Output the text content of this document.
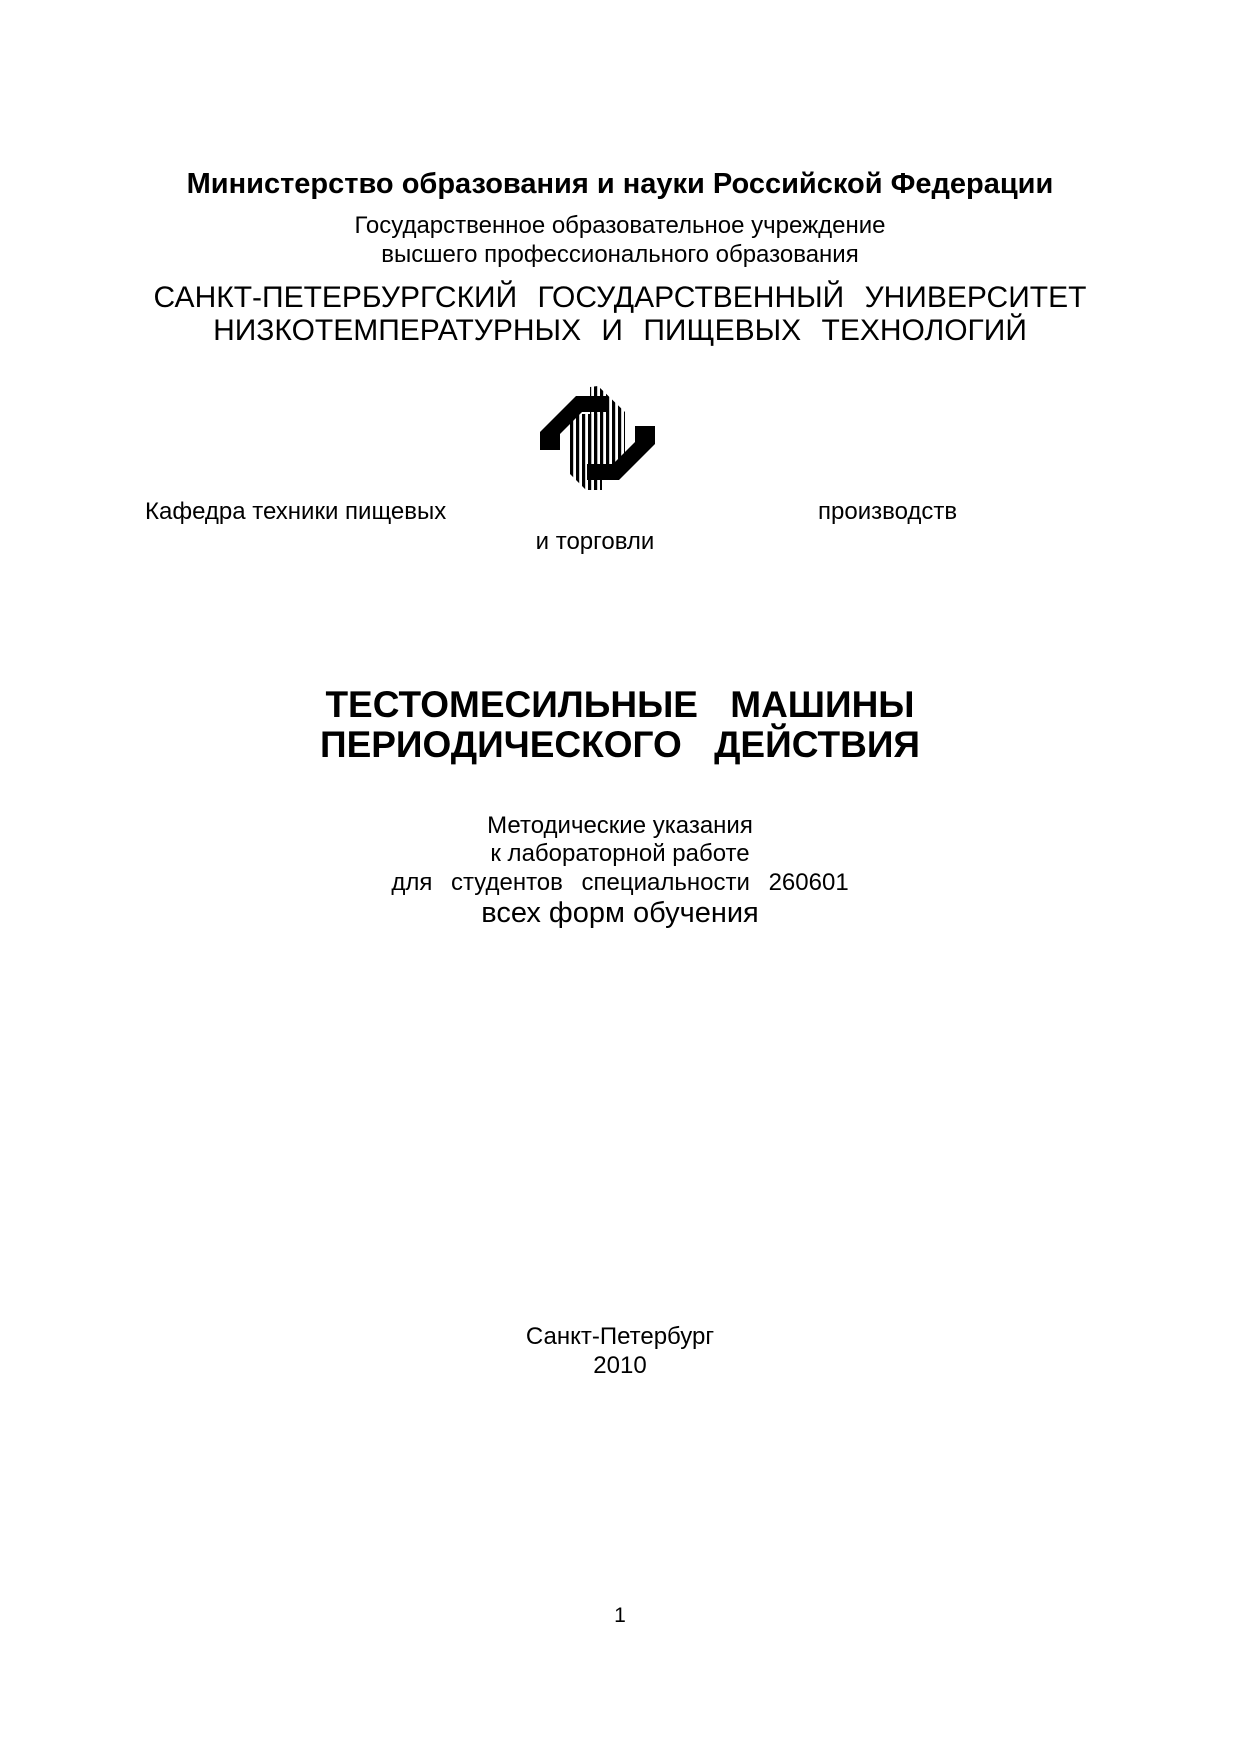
Министерство образования и науки Российской Федерации
Государственное образовательное учреждение
высшего профессионального образования
САНКТ-ПЕТЕРБУРГСКИЙ ГОСУДАРСТВЕННЫЙ УНИВЕРСИТЕТ
НИЗКОТЕМПЕРАТУРНЫХ И ПИЩЕВЫХ ТЕХНОЛОГИЙ
Кафедра техники пищевых	производств
и торговли
ТЕСТОМЕСИЛЬНЫЕ МАШИНЫ
ПЕРИОДИЧЕСКОГО ДЕЙСТВИЯ
Методические указания
к лабораторной работе
для студентов специальности 260601
всех форм обучения
Санкт-Петербург
2010
1
